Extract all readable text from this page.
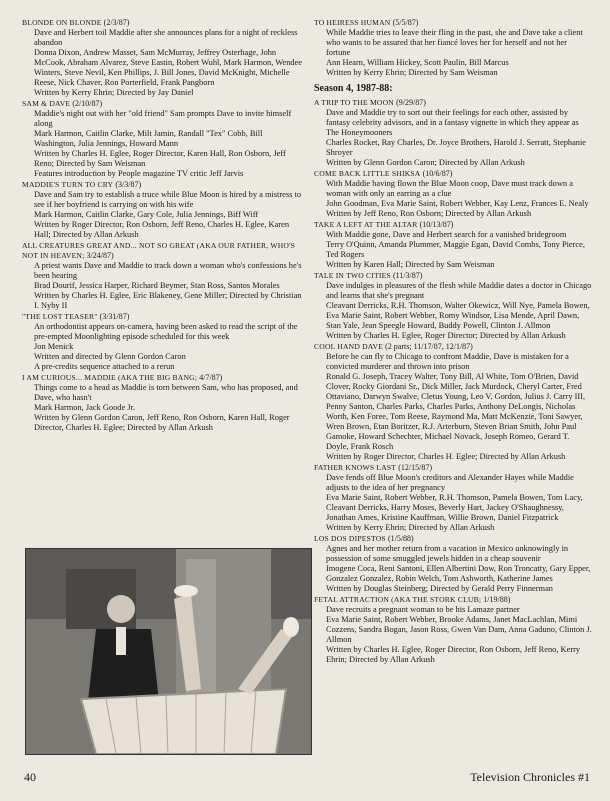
BLONDE ON BLONDE (2/3/87)
Dave and Herbert toil Maddie after she announces plans for a night of reckless abandon
Donna Dixon, Andrew Masset, Sam McMurray, Jeffrey Osterhage, John McCook, Abraham Alvarez, Steve Eastin, Robert Wuhl, Mark Harmon, Wendee Winters, Steve Nevil, Ken Phillips, J. Bill Jones, David McKnight, Michelle Reese, Nick Chaver, Ron Porterfield, Frank Pangborn
Written by Kerry Ehrin; Directed by Jay Daniel
SAM & DAVE (2/10/87)
Maddie's night out with her "old friend" Sam prompts Dave to invite himself along
Mark Harmon, Caitlin Clarke, Milt Jamin, Randall "Tex" Cobb, Bill Washington, Julia Jennings, Howard Mann
Written by Charles H. Eglee, Roger Director, Karen Hall, Ron Osborn, Jeff Reno; Directed by Sam Weisman
Features introduction by People magazine TV critic Jeff Jarvis
MADDIE'S TURN TO CRY (3/3/87)
Dave and Sam try to establish a truce while Blue Moon is hired by a mistress to see if her boyfriend is carrying on with his wife
Mark Harmon, Caitlin Clarke, Gary Cole, Julia Jennings, Biff Wiff
Written by Roger Director, Ron Osborn, Jeff Reno, Charles H. Eglee, Karen Hall; Directed by Allan Arkush
ALL CREATURES GREAT AND... NOT SO GREAT (AKA OUR FATHER, WHO'S NOT IN HEAVEN; 3/24/87)
A priest wants Dave and Maddie to track down a woman who's confessions he's been hearing
Brad Dourif, Jessica Harper, Richard Beymer, Stan Ross, Santos Morales
Written by Charles H. Eglee, Eric Blakeney, Gene Miller; Directed by Christian I. Nyby II
"THE LOST TEASER" (3/31/87)
An orthodontist appears on-camera, having been asked to read the script of the pre-empted Moonlighting episode scheduled for this week
Jon Menick
Written and directed by Glenn Gordon Caron
A pre-credits sequence attached to a rerun
I AM CURIOUS... MADDIE (AKA THE BIG BANG; 4/7/87)
Things come to a head as Maddie is torn between Sam, who has proposed, and Dave, who hasn't
Mark Harmon, Jack Goode Jr.
Written by Glenn Gordon Caron, Jeff Reno, Ron Osborn, Karen Hall, Roger Director, Charles H. Eglee; Directed by Allan Arkush
TO HEIRESS HUMAN (5/5/87)
While Maddie tries to leave their fling in the past, she and Dave take a client who wants to be assured that her fiancé loves her for herself and not her fortune
Ann Hearn, William Hickey, Scott Paulin, Bill Marcus
Written by Kerry Ehrin; Directed by Sam Weisman
Season 4, 1987-88:
A TRIP TO THE MOON (9/29/87)
Dave and Maddie try to sort out their feelings for each other, assisted by fantasy celebrity advisors, and in a fantasy vignette in which they appear as The Honeymooners
Charles Rocket, Ray Charles, Dr. Joyce Brothers, Harold J. Serratt, Stephanie Shroyer
Written by Glenn Gordon Caron; Directed by Allan Arkush
COME BACK LITTLE SHIKSA (10/6/87)
With Maddie having flown the Blue Moon coop, Dave must track down a woman with only an earring as a clue
John Goodman, Eva Marie Saint, Robert Webber, Kay Lenz, Frances E. Nealy
Written by Jeff Reno, Ron Osborn; Directed by Allan Arkush
TAKE A LEFT AT THE ALTAR (10/13/87)
With Maddie gone, Dave and Herbert search for a vanished bridegroom
Terry O'Quinn, Amanda Plummer, Maggie Egan, David Combs, Tony Pierce, Ted Rogers
Written by Karen Hall; Directed by Sam Weisman
TALE IN TWO CITIES (11/3/87)
Dave indulges in pleasures of the flesh while Maddie dates a doctor in Chicago and learns that she's pregnant
Cleavant Derricks, R.H. Thomson, Walter Okewicz, Will Nye, Pamela Bowen, Eva Marie Saint, Robert Webber, Romy Windsor, Lisa Mende, April Dawn, Stan Yale, Jean Speegle Howard, Buddy Powell, Clinton J. Allmon
Written by Charles H. Eglee, Roger Director; Directed by Allan Arkush
COOL HAND DAVE (2 parts; 11/17/87, 12/1/87)
Before he can fly to Chicago to confront Maddie, Dave is mistaken for a convicted murderer and thrown into prison
Ronald G. Joseph, Tracey Walter, Tony Bill, Al White, Tom O'Brien, David Clover, Rocky Giordani Sr., Dick Miller, Jack Murdock, Cheryl Carter, Fred Ottaviano, Darwyn Swalve, Cletus Young, Leo V. Gordon, Julius J. Carry III, Penny Santon, Charles Parks, Charles Parks, Anthony DeLongis, Nicholas Worth, Ken Foree, Tom Reese, Raymond Ma, Matt McKenzie, Toni Sawyer, Wren Brown, Etan Boritzer, R.J. Arterburn, Steven Brian Smith, John Paul Gamoke, Howard Schechter, Michael Novack, Joseph Romeo, Gerard T. Doyle, Frank Rosch
Written by Roger Director, Charles H. Eglee; Directed by Allan Arkush
FATHER KNOWS LAST (12/15/87)
Dave fends off Blue Moon's creditors and Alexander Hayes while Maddie adjusts to the idea of her pregnancy
Eva Marie Saint, Robert Webber, R.H. Thomson, Pamela Bowen, Tom Lacy, Cleavant Derricks, Harry Moses, Beverly Hart, Jackey O'Shaughnessy, Jonathan Ames, Kristine Kauffman, Willie Brown, Daniel Fitzpatrick
Written by Kerry Ehrin; Directed by Allan Arkush
LOS DOS DIPESTOS (1/5/88)
Agnes and her mother return from a vacation in Mexico unknowingly in possession of some smuggled jewels hidden in a cheap souvenir
Imogene Coca, Reni Santoni, Ellen Albertini Dow, Ron Troncatty, Gary Epper, Gonzalez Gonzalez, Robin Welch, Tom Ashworth, Katherine James
Written by Douglas Steinberg; Directed by Gerald Perry Finnerman
FETAL ATTRACTION (AKA THE STORK CLUB; 1/19/88)
Dave recruits a pregnant woman to be his Lamaze partner
Eva Marie Saint, Robert Webber, Brooke Adams, Janet MacLachlan, Mimi Cozzens, Sandra Bogan, Jason Ross, Gwen Van Dam, Anna Gaduno, Clinton J. Allmon
Written by Charles H. Eglee, Roger Director, Ron Osborn, Jeff Reno, Kerry Ehrin; Directed by Allan Arkush
40	Television Chronicles #1
